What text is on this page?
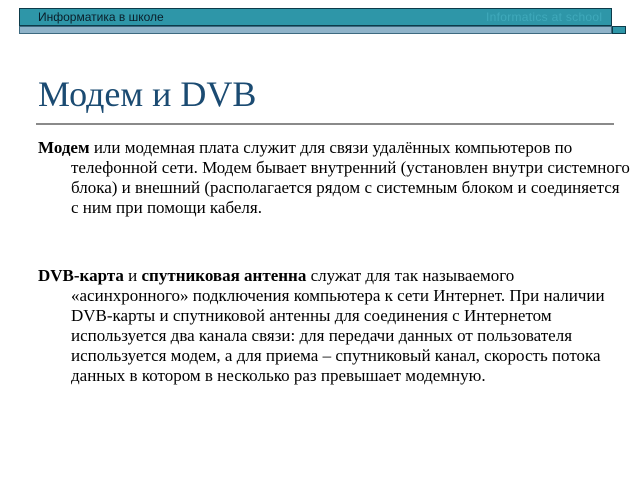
Информатика в школе	Informatics at school
Модем и DVB
Модем или модемная плата служит для связи удалённых компьютеров по телефонной сети. Модем бывает внутренний (установлен внутри системного блока) и внешний (располагается рядом с системным блоком и соединяется с ним при помощи кабеля.
DVB-карта и спутниковая антенна служат для так называемого «асинхронного» подключения компьютера к сети Интернет. При наличии DVB-карты и спутниковой антенны для соединения с Интернетом используется два канала связи: для передачи данных от пользователя используется модем, а для приема – спутниковый канал, скорость потока данных в котором в несколько раз превышает модемную.
